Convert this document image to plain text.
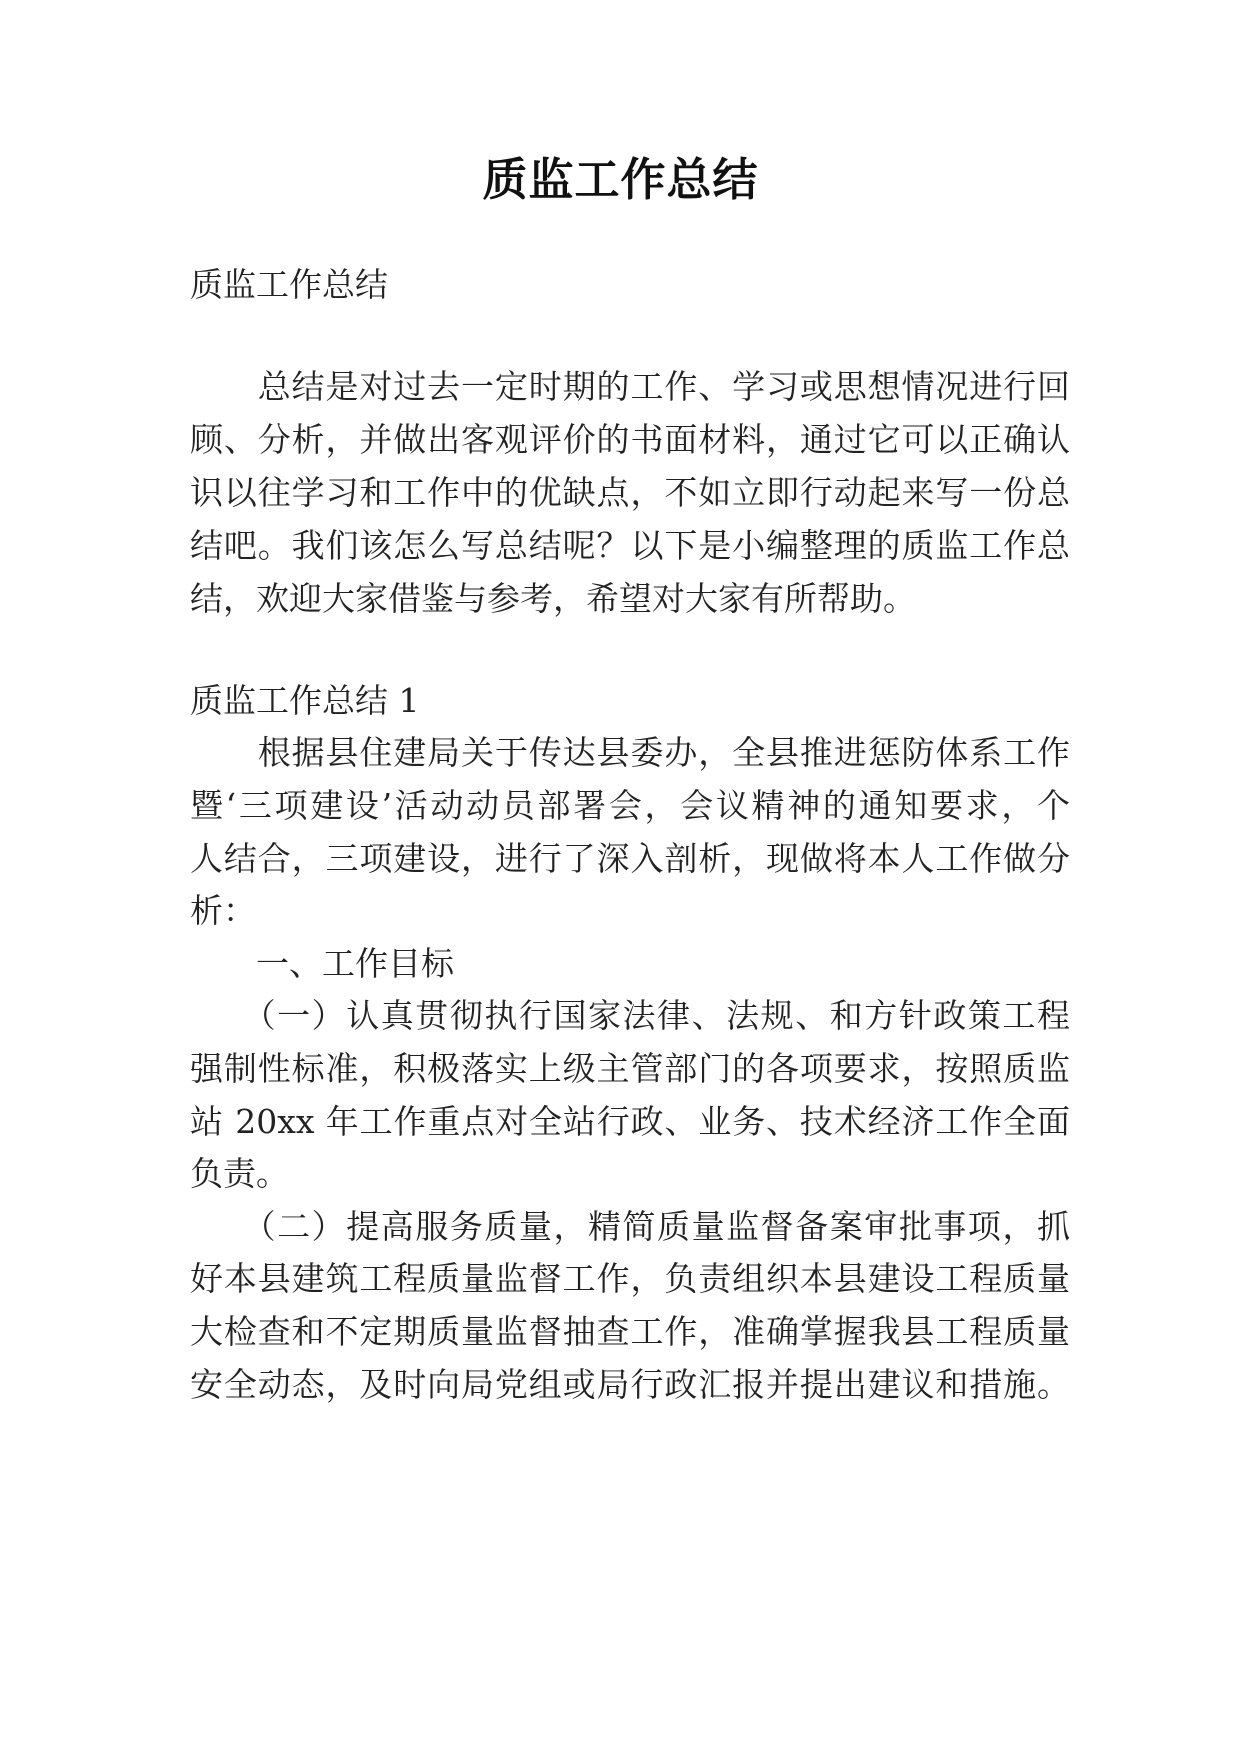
质监工作总结
质监工作总结
　　总结是对过去一定时期的工作、学习或思想情况进行回
顾、分析，并做出客观评价的书面材料，通过它可以正确认
识以往学习和工作中的优缺点，不如立即行动起来写一份总
结吧。我们该怎么写总结呢？以下是小编整理的质监工作总
结，欢迎大家借鉴与参考，希望对大家有所帮助。
质监工作总结 1
　　根据县住建局关于传达县委办，全县推进惩防体系工作
暨‘三项建设’活动动员部署会，会议精神的通知要求，个
人结合，三项建设，进行了深入剖析，现做将本人工作做分
析：
　　一、工作目标
　　（一）认真贯彻执行国家法律、法规、和方针政策工程
强制性标准，积极落实上级主管部门的各项要求，按照质监
站 20xx 年工作重点对全站行政、业务、技术经济工作全面
负责。
　　（二）提高服务质量，精简质量监督备案审批事项，抓
好本县建筑工程质量监督工作，负责组织本县建设工程质量
大检查和不定期质量监督抽查工作，准确掌握我县工程质量
安全动态，及时向局党组或局行政汇报并提出建议和措施。
